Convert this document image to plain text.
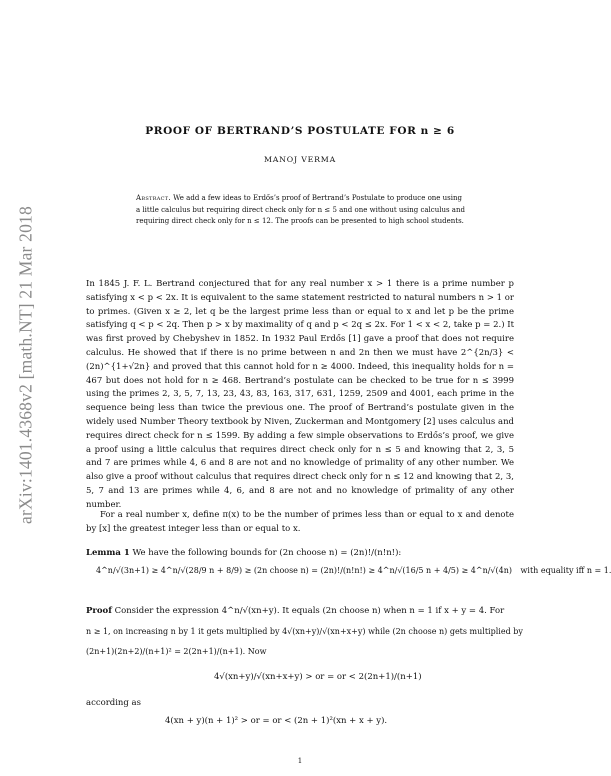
arXiv:1401.4368v2 [math.NT] 21 Mar 2018
PROOF OF BERTRAND’S POSTULATE FOR n ≥ 6
MANOJ VERMA
Abstract. We add a few ideas to Erdős’s proof of Bertrand’s Postulate to produce one using a little calculus but requiring direct check only for n ≤ 5 and one without using calculus and requiring direct check only for n ≤ 12. The proofs can be presented to high school students.
In 1845 J. F. L. Bertrand conjectured that for any real number x > 1 there is a prime number p satisfying x < p < 2x. It is equivalent to the same statement restricted to natural numbers n > 1 or to primes. (Given x ≥ 2, let q be the largest prime less than or equal to x and let p be the prime satisfying q < p < 2q. Then p > x by maximality of q and p < 2q ≤ 2x. For 1 < x < 2, take p = 2.) It was first proved by Chebyshev in 1852. In 1932 Paul Erdős [1] gave a proof that does not require calculus. He showed that if there is no prime between n and 2n then we must have 2^{2n/3} < (2n)^{1+√2n} and proved that this cannot hold for n ≥ 4000. Indeed, this inequality holds for n = 467 but does not hold for n ≥ 468. Bertrand’s postulate can be checked to be true for n ≤ 3999 using the primes 2, 3, 5, 7, 13, 23, 43, 83, 163, 317, 631, 1259, 2509 and 4001, each prime in the sequence being less than twice the previous one. The proof of Bertrand’s postulate given in the widely used Number Theory textbook by Niven, Zuckerman and Montgomery [2] uses calculus and requires direct check for n ≤ 1599. By adding a few simple observations to Erdős’s proof, we give a proof using a little calculus that requires direct check only for n ≤ 5 and knowing that 2, 3, 5 and 7 are primes while 4, 6 and 8 are not and no knowledge of primality of any other number. We also give a proof without calculus that requires direct check only for n ≤ 12 and knowing that 2, 3, 5, 7 and 13 are primes while 4, 6, and 8 are not and no knowledge of primality of any other number.
For a real number x, define π(x) to be the number of primes less than or equal to x and denote by [x] the greatest integer less than or equal to x.
Lemma 1 We have the following bounds for (2n choose n) = (2n)!/(n!n!):
4^n/√(3n+1) ≥ 4^n/√(28/9 n + 8/9) ≥ (2n choose n) = (2n)!/(n!n!) ≥ 4^n/√(16/5 n + 4/5) ≥ 4^n/√(4n) with equality iff n = 1.
Proof Consider the expression 4^n/√(xn+y). It equals (2n choose n) when n = 1 if x + y = 4. For
n ≥ 1, on increasing n by 1 it gets multiplied by 4√(xn+y)/√(xn+x+y) while (2n choose n) gets multiplied by
(2n+1)(2n+2)/(n+1)² = 2(2n+1)/(n+1). Now
4√(xn+y)/√(xn+x+y) > or = or < 2(2n+1)/(n+1)
according as
4(xn + y)(n + 1)² > or = or < (2n + 1)²(xn + x + y).
1
